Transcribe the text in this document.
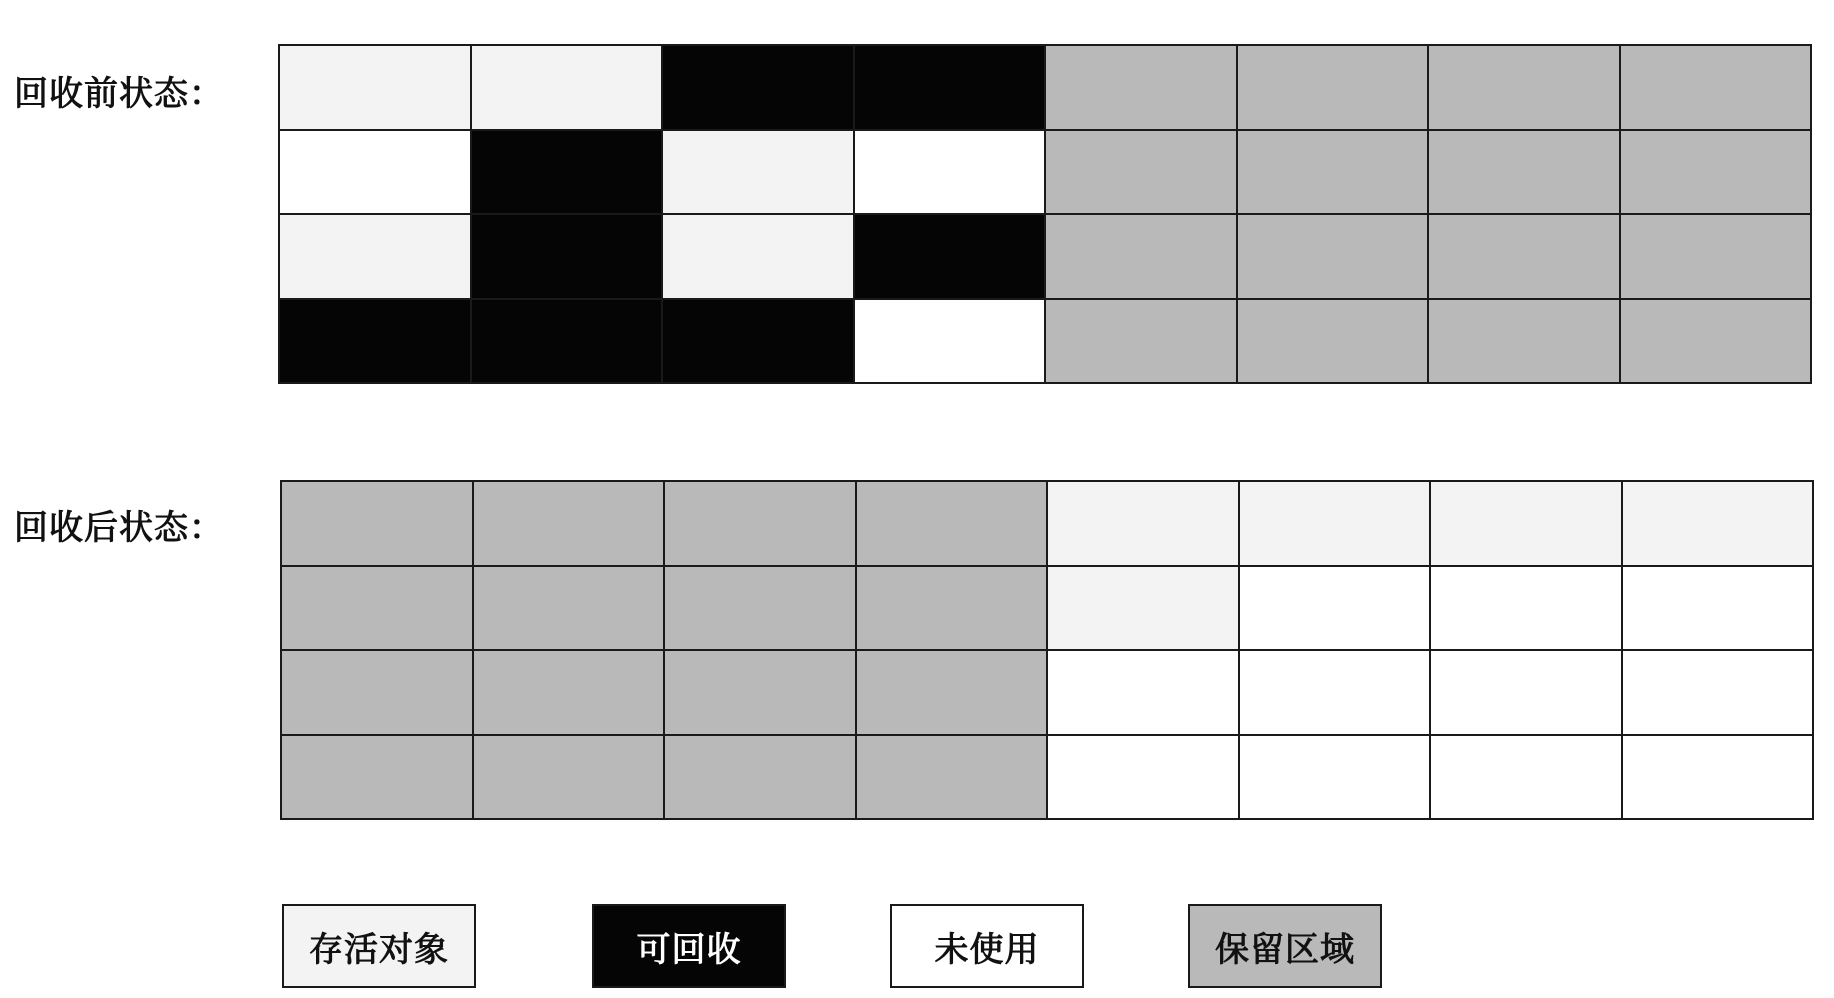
回收前状态：
回收后状态：
存活对象	可回收	未使用	保留区域
